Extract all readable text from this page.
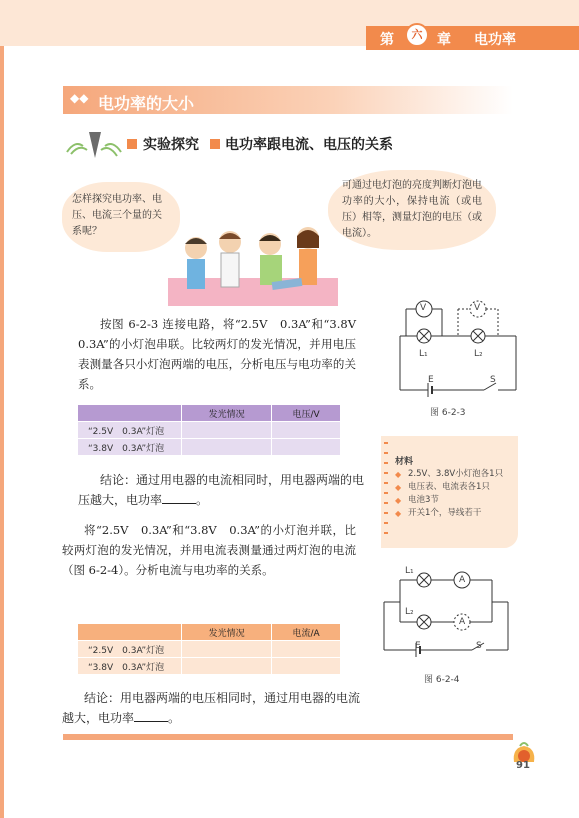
第	六	章 电功率
◆◆ 电功率的大小
实验探究 电功率跟电流、电压的关系
怎样探究电功率、电压、电流三个量的关系呢？
可通过电灯泡的亮度判断灯泡电功率的大小，保持电流（或电压）相等，测量灯泡的电压（或电流）。

按图 6-2-3 连接电路，将“2.5V　0.3A”和“3.8V　0.3A”的小灯泡串联。比较两灯的发光情况，并用电压表测量各只小灯泡两端的电压，分析电压与电功率的关系。

	发光情况	电压/V
“2.5V　0.3A”灯泡		
“3.8V　0.3A”灯泡		

结论：通过用电器的电流相同时，用电器两端的电压越大，电功率	。

V	V
L₁	L₂
E	S
图 6-2-3
材料
◆ 2.5V、3.8V小灯泡各1只
◆ 电压表、电流表各1只
◆ 电池3节
◆ 开关1个，导线若干

将“2.5V　0.3A”和“3.8V　0.3A”的小灯泡并联，比较两灯泡的发光情况，并用电流表测量通过两灯泡的电流（图 6-2-4）。分析电流与电功率的关系。	L₁
A
L₂
A
E	S
图 6-2-4
	发光情况	电流/A
“2.5V　0.3A”灯泡		
“3.8V　0.3A”灯泡		

结论：用电器两端的电压相同时，通过用电器的电流越大，电功率	。

91
